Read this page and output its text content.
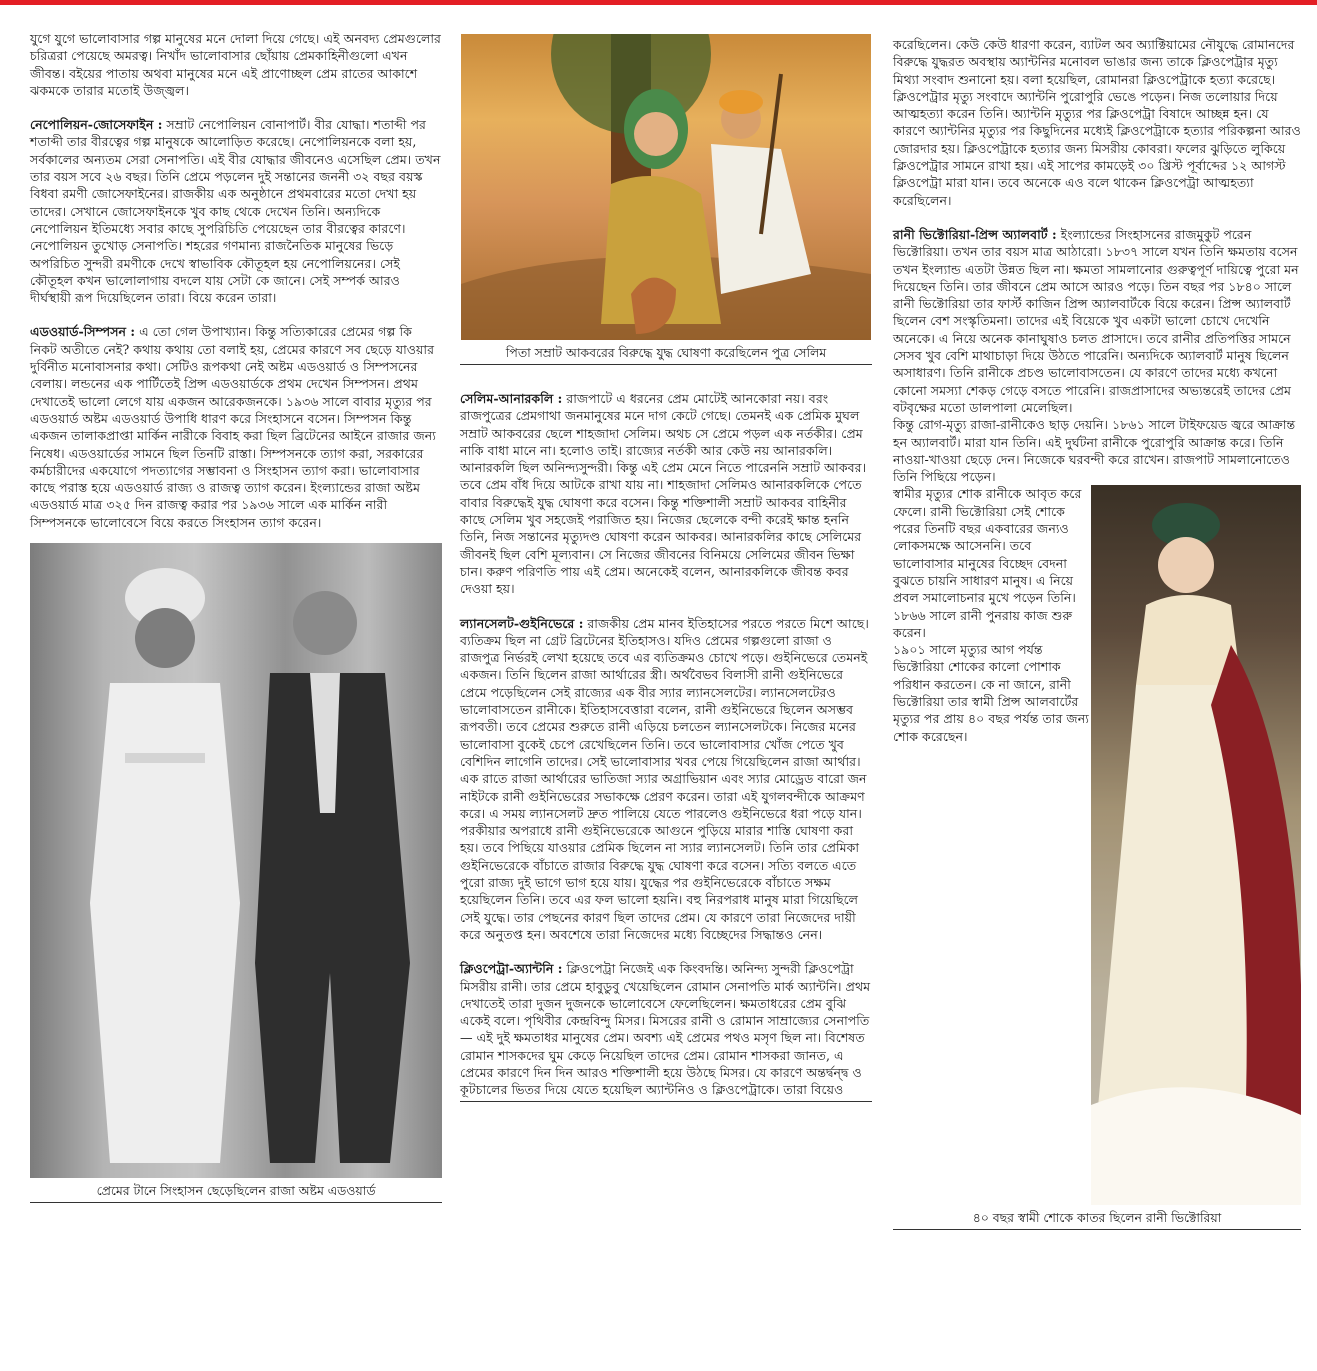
যুগে যুগে ভালোবাসার গল্প মানুষের মনে দোলা দিয়ে গেছে। এই অনবদ্য প্রেমগুলোর চরিত্ররা পেয়েছে অমরত্ব। নিখাঁদ ভালোবাসার ছোঁয়ায় প্রেমকাহিনীগুলো এখন জীবন্ত। বইয়ের পাতায় অথবা মানুষের মনে এই প্রাণোচ্ছল প্রেম রাতের আকাশে ঝকমকে তারার মতোই উজ্জ্বল।

নেপোলিয়ন-জোসেফাইন : সম্রাট নেপোলিয়ন বোনাপার্ট। বীর যোদ্ধা। শতাব্দী পর শতাব্দী তার বীরত্বের গল্প মানুষকে আলোড়িত করেছে। নেপোলিয়নকে বলা হয়, সর্বকালের অন্যতম সেরা সেনাপতি। এই বীর যোদ্ধার জীবনেও এসেছিল প্রেম। তখন তার বয়স সবে ২৬ বছর। তিনি প্রেমে পড়লেন দুই সন্তানের জননী ৩২ বছর বয়স্ক বিধবা রমণী জোসেফাইনের। রাজকীয় এক অনুষ্ঠানে প্রথমবারের মতো দেখা হয় তাদের। সেখানে জোসেফাইনকে খুব কাছ থেকে দেখেন তিনি। অন্যদিকে নেপোলিয়ন ইতিমধ্যে সবার কাছে সুপরিচিতি পেয়েছেন তার বীরত্বের কারণে। নেপোলিয়ন তুখোড় সেনাপতি। শহরের গণমান্য রাজনৈতিক মানুষের ভিড়ে অপরিচিত সুন্দরী রমণীকে দেখে স্বাভাবিক কৌতূহল হয় নেপোলিয়নের। সেই কৌতূহল কখন ভালোলাগায় বদলে যায় সেটা কে জানে। সেই সম্পর্ক আরও দীর্ঘস্থায়ী রূপ দিয়েছিলেন তারা। বিয়ে করেন তারা।

এডওয়ার্ড-সিম্পসন : এ তো গেল উপাখ্যান। কিন্তু সত্যিকারের প্রেমের গল্প কি নিকট অতীতে নেই? কথায় কথায় তো বলাই হয়, প্রেমের কারণে সব ছেড়ে যাওয়ার দুর্বিনীত মনোবাসনার কথা। সেটিও রূপকথা নেই অষ্টম এডওয়ার্ড ও সিম্পসনের বেলায়। লন্ডনের এক পার্টিতেই প্রিন্স এডওয়ার্ডকে প্রথম দেখেন সিম্পসন। প্রথম দেখাতেই ভালো লেগে যায় একজন আরেকজনকে। ১৯৩৬ সালে বাবার মৃত্যুর পর এডওয়ার্ড অষ্টম এডওয়ার্ড উপাধি ধারণ করে সিংহাসনে বসেন। সিম্পসন কিন্তু একজন তালাকপ্রাপ্তা মার্কিন নারীকে বিবাহ করা ছিল ব্রিটেনের আইনে রাজার জন্য নিষেধ। এডওয়ার্ডের সামনে ছিল তিনটি রাস্তা। সিম্পসনকে ত্যাগ করা, সরকারের কর্মচারীদের একযোগে পদত্যাগের সম্ভাবনা ও সিংহাসন ত্যাগ করা। ভালোবাসার কাছে পরাস্ত হয়ে এডওয়ার্ড রাজ্য ও রাজত্ব ত্যাগ করেন। ইংল্যান্ডের রাজা অষ্টম এডওয়ার্ড মাত্র ৩২৫ দিন রাজত্ব করার পর ১৯৩৬ সালে এক মার্কিন নারী সিম্পসনকে ভালোবেসে বিয়ে করতে সিংহাসন ত্যাগ করেন।

প্রেমের টানে সিংহাসন ছেড়েছিলেন রাজা অষ্টম এডওয়ার্ড
পিতা সম্রাট আকবরের বিরুদ্ধে যুদ্ধ ঘোষণা করেছিলেন পুত্র সেলিম

সেলিম-আনারকলি : রাজপাটে এ ধরনের প্রেম মোটেই আনকোরা নয়। বরং রাজপুত্রের প্রেমগাথা জনমানুষের মনে দাগ কেটে গেছে। তেমনই এক প্রেমিক মুঘল সম্রাট আকবরের ছেলে শাহজাদা সেলিম। অথচ সে প্রেমে পড়ল এক নর্তকীর। প্রেম নাকি বাধা মানে না। হলোও তাই। রাজ্যের নর্তকী আর কেউ নয় আনারকলি। আনারকলি ছিল অনিন্দ্যসুন্দরী। কিন্তু এই প্রেম মেনে নিতে পারেননি সম্রাট আকবর। তবে প্রেম বাঁধ দিয়ে আটকে রাখা যায় না। শাহজাদা সেলিমও আনারকলিকে পেতে বাবার বিরুদ্ধেই যুদ্ধ ঘোষণা করে বসেন। কিন্তু শক্তিশালী সম্রাট আকবর বাহিনীর কাছে সেলিম খুব সহজেই পরাজিত হয়। নিজের ছেলেকে বন্দী করেই ক্ষান্ত হননি তিনি, নিজ সন্তানের মৃত্যুদণ্ড ঘোষণা করেন আকবর। আনারকলির কাছে সেলিমের জীবনই ছিল বেশি মূল্যবান। সে নিজের জীবনের বিনিময়ে সেলিমের জীবন ভিক্ষা চান। করুণ পরিণতি পায় এই প্রেম। অনেকেই বলেন, আনারকলিকে জীবন্ত কবর দেওয়া হয়।

ল্যানসেলট-গুইনিভেরে : রাজকীয় প্রেম মানব ইতিহাসের পরতে পরতে মিশে আছে। ব্যতিক্রম ছিল না গ্রেট ব্রিটেনের ইতিহাসও। যদিও প্রেমের গল্পগুলো রাজা ও রাজপুত্র নির্ভরই লেখা হয়েছে তবে এর ব্যতিক্রমও চোখে পড়ে। গুইনিভেরে তেমনই একজন। তিনি ছিলেন রাজা আর্থারের স্ত্রী। অর্থবৈভব বিলাসী রানী গুইনিভেরে প্রেমে পড়েছিলেন সেই রাজ্যের এক বীর স্যার ল্যানসেলটের। ল্যানসেলটেরও ভালোবাসতেন রানীকে। ইতিহাসবেত্তারা বলেন, রানী গুইনিভেরে ছিলেন অসম্ভব রূপবতী। তবে প্রেমের শুরুতে রানী এড়িয়ে চলতেন ল্যানসেলটকে। নিজের মনের ভালোবাসা বুকেই চেপে রেখেছিলেন তিনি। তবে ভালোবাসার খোঁজ পেতে খুব বেশিদিন লাগেনি তাদের। সেই ভালোবাসার খবর পেয়ে গিয়েছিলেন রাজা আর্থার। এক রাতে রাজা আর্থারের ভাতিজা স্যার অগ্রাভিয়ান এবং স্যার মোড্রেড বারো জন নাইটকে রানী গুইনিভেরের সভাকক্ষে প্রেরণ করেন। তারা এই যুগলবন্দীকে আক্রমণ করে। এ সময় ল্যানসেলট দ্রুত পালিয়ে যেতে পারলেও গুইনিভেরে ধরা পড়ে যান। পরকীয়ার অপরাধে রানী গুইনিভেরেকে আগুনে পুড়িয়ে মারার শাস্তি ঘোষণা করা হয়। তবে পিছিয়ে যাওয়ার প্রেমিক ছিলেন না স্যার ল্যানসেলট। তিনি তার প্রেমিকা গুইনিভেরেকে বাঁচাতে রাজার বিরুদ্ধে যুদ্ধ ঘোষণা করে বসেন। সত্যি বলতে এতে পুরো রাজ্য দুই ভাগে ভাগ হয়ে যায়। যুদ্ধের পর গুইনিভেরেকে বাঁচাতে সক্ষম হয়েছিলেন তিনি। তবে এর ফল ভালো হয়নি। বহু নিরপরাধ মানুষ মারা গিয়েছিলে সেই যুদ্ধে। তার পেছনের কারণ ছিল তাদের প্রেম। যে কারণে তারা নিজেদের দায়ী করে অনুতপ্ত হন। অবশেষে তারা নিজেদের মধ্যে বিচ্ছেদের সিদ্ধান্তও নেন।

ক্লিওপেট্রা-অ্যান্টনি : ক্লিওপেট্রা নিজেই এক কিংবদন্তি। অনিন্দ্য সুন্দরী ক্লিওপেট্রা মিসরীয় রানী। তার প্রেমে হাবুডুবু খেয়েছিলেন রোমান সেনাপতি মার্ক অ্যান্টনি। প্রথম দেখাতেই তারা দুজন দুজনকে ভালোবেসে ফেলেছিলেন। ক্ষমতাধরের প্রেম বুঝি একেই বলে। পৃথিবীর কেন্দ্রবিন্দু মিসর। মিসরের রানী ও রোমান সাম্রাজ্যের সেনাপতি— এই দুই ক্ষমতাধর মানুষের প্রেম। অবশ্য এই প্রেমের পথও মসৃণ ছিল না। বিশেষত রোমান শাসকদের ঘুম কেড়ে নিয়েছিল তাদের প্রেম। রোমান শাসকরা জানত, এ প্রেমের কারণে দিন দিন আরও শক্তিশালী হয়ে উঠছে মিসর। যে কারণে অন্তর্দ্বন্দ্ব ও কূটচালের ভিতর দিয়ে যেতে হয়েছিল অ্যান্টনিও ও ক্লিওপেট্রাকে। তারা বিয়েও

করেছিলেন। কেউ কেউ ধারণা করেন, ব্যাটল অব অ্যাক্টিয়ামের নৌযুদ্ধে রোমানদের বিরুদ্ধে যুদ্ধরত অবস্থায় অ্যান্টনির মনোবল ভাঙার জন্য তাকে ক্লিওপেট্রার মৃত্যু মিথ্যা সংবাদ শুনানো হয়। বলা হয়েছিল, রোমানরা ক্লিওপেট্রাকে হত্যা করেছে। ক্লিওপেট্রার মৃত্যু সংবাদে অ্যান্টনি পুরোপুরি ভেঙে পড়েন। নিজ তলোয়ার দিয়ে আত্মহত্যা করেন তিনি। অ্যান্টনি মৃত্যুর পর ক্লিওপেট্রা বিষাদে আচ্ছন্ন হন। যে কারণে অ্যান্টনির মৃত্যুর পর কিছুদিনের মধ্যেই ক্লিওপেট্রাকে হত্যার পরিকল্পনা আরও জোরদার হয়। ক্লিওপেট্রাকে হত্যার জন্য মিসরীয় কোবরা। ফলের ঝুড়িতে লুকিয়ে ক্লিওপেট্রার সামনে রাখা হয়। এই সাপের কামড়েই ৩০ খ্রিস্ট পূর্বাব্দের ১২ আগস্ট ক্লিওপেট্রা মারা যান। তবে অনেকে এও বলে থাকেন ক্লিওপেট্রা আত্মহত্যা করেছিলেন।

রানী ভিক্টোরিয়া-প্রিন্স অ্যালবার্ট : ইংল্যান্ডের সিংহাসনের রাজমুকুট পরেন ভিক্টোরিয়া। তখন তার বয়স মাত্র আঠারো। ১৮৩৭ সালে যখন তিনি ক্ষমতায় বসেন তখন ইংল্যান্ড এতটা উন্নত ছিল না। ক্ষমতা সামলানোর গুরুত্বপূর্ণ দায়িত্বে পুরো মন দিয়েছেন তিনি। তার জীবনে প্রেম আসে আরও পড়ে। তিন বছর পর ১৮৪০ সালে রানী ভিক্টোরিয়া তার ফার্স্ট কাজিন প্রিন্স অ্যালবার্টকে বিয়ে করেন। প্রিন্স অ্যালবার্ট ছিলেন বেশ সংস্কৃতিমনা। তাদের এই বিয়েকে খুব একটা ভালো চোখে দেখেনি অনেকে। এ নিয়ে অনেক কানাঘুষাও চলত প্রাসাদে। তবে রানীর প্রতিপত্তির সামনে সেসব খুব বেশি মাথাচাড়া দিয়ে উঠতে পারেনি। অন্যদিকে অ্যালবার্ট মানুষ ছিলেন অসাধারণ। তিনি রানীকে প্রচণ্ড ভালোবাসতেন। যে কারণে তাদের মধ্যে কখনো কোনো সমস্যা শেকড় গেড়ে বসতে পারেনি। রাজপ্রাসাদের অভ্যন্তরেই তাদের প্রেম বটবৃক্ষের মতো ডালপালা মেলেছিল।

কিন্তু রোগ-মৃত্যু রাজা-রানীকেও ছাড় দেয়নি। ১৮৬১ সালে টাইফয়েড জ্বরে আক্রান্ত হন অ্যালবার্ট। মারা যান তিনি। এই দুর্ঘটনা রানীকে পুরোপুরি আক্রান্ত করে। তিনি নাওয়া-খাওয়া ছেড়ে দেন। নিজেকে ঘরবন্দী করে রাখেন। রাজপাট সামলানোতেও তিনি পিছিয়ে পড়েন।

স্বামীর মৃত্যুর শোক রানীকে আবৃত করে ফেলে। রানী ভিক্টোরিয়া সেই শোকে পরের তিনটি বছর একবারের জন্যও লোকসমক্ষে আসেননি। তবে ভালোবাসার মানুষের বিচ্ছেদ বেদনা বুঝতে চায়নি সাধারণ মানুষ। এ নিয়ে প্রবল সমালোচনার মুখে পড়েন তিনি। ১৮৬৬ সালে রানী পুনরায় কাজ শুরু করেন।

১৯০১ সালে মৃত্যুর আগ পর্যন্ত ভিক্টোরিয়া শোকের কালো পোশাক পরিধান করতেন। কে না জানে, রানী ভিক্টোরিয়া তার স্বামী প্রিন্স আলবার্টের মৃত্যুর পর প্রায় ৪০ বছর পর্যন্ত তার জন্য শোক করেছেন।

৪০ বছর স্বামী শোকে কাতর ছিলেন রানী ভিক্টোরিয়া
